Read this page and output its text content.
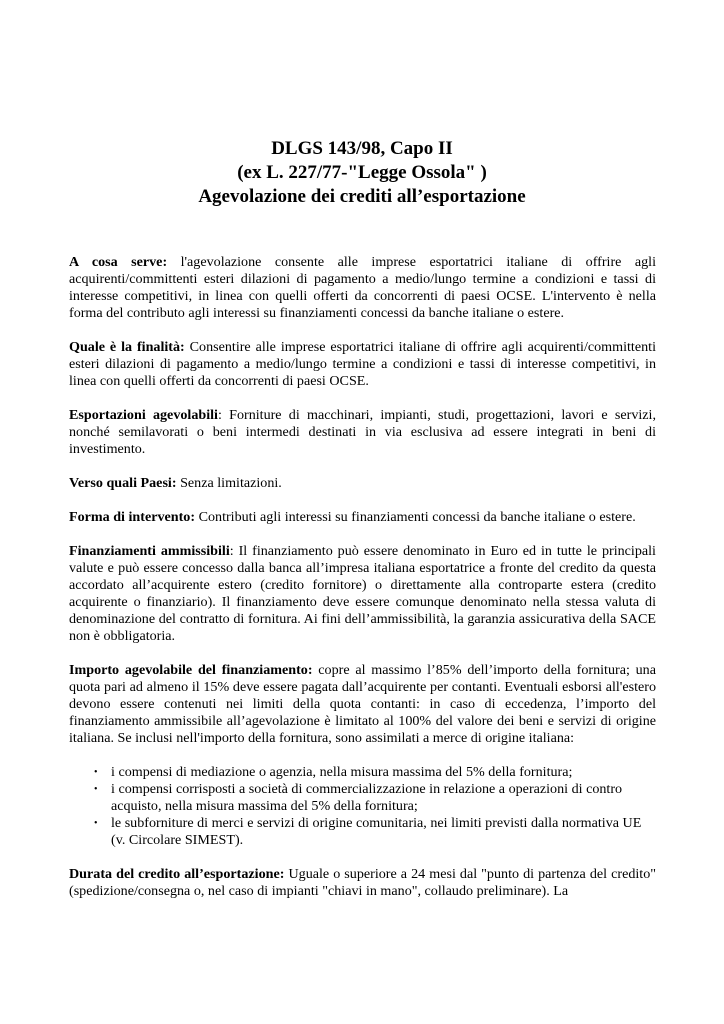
DLGS 143/98, Capo II
(ex L. 227/77-"Legge Ossola" )
Agevolazione dei crediti all’esportazione

A cosa serve: l'agevolazione consente alle imprese esportatrici italiane di offrire agli acquirenti/committenti esteri dilazioni di pagamento a medio/lungo termine a condizioni e tassi di interesse competitivi, in linea con quelli offerti da concorrenti di paesi OCSE. L'intervento è nella forma del contributo agli interessi su finanziamenti concessi da banche italiane o estere.

Quale è la finalità: Consentire alle imprese esportatrici italiane di offrire agli acquirenti/committenti esteri dilazioni di pagamento a medio/lungo termine a condizioni e tassi di interesse competitivi, in linea con quelli offerti da concorrenti di paesi OCSE.

Esportazioni agevolabili: Forniture di macchinari, impianti, studi, progettazioni, lavori e servizi, nonché semilavorati o beni intermedi destinati in via esclusiva ad essere integrati in beni di investimento.

Verso quali Paesi: Senza limitazioni.

Forma di intervento: Contributi agli interessi su finanziamenti concessi da banche italiane o estere.

Finanziamenti ammissibili: Il finanziamento può essere denominato in Euro ed in tutte le principali valute e può essere concesso dalla banca all’impresa italiana esportatrice a fronte del credito da questa accordato all’acquirente estero (credito fornitore) o direttamente alla controparte estera (credito acquirente o finanziario). Il finanziamento deve essere comunque denominato nella stessa valuta di denominazione del contratto di fornitura. Ai fini dell’ammissibilità, la garanzia assicurativa della SACE non è obbligatoria.

Importo agevolabile del finanziamento: copre al massimo l’85% dell’importo della fornitura; una quota pari ad almeno il 15% deve essere pagata dall’acquirente per contanti. Eventuali esborsi all'estero devono essere contenuti nei limiti della quota contanti: in caso di eccedenza, l’importo del finanziamento ammissibile all’agevolazione è limitato al 100% del valore dei beni e servizi di origine italiana. Se inclusi nell'importo della fornitura, sono assimilati a merce di origine italiana:

• i compensi di mediazione o agenzia, nella misura massima del 5% della fornitura;
• i compensi corrisposti a società di commercializzazione in relazione a operazioni di contro acquisto, nella misura massima del 5% della fornitura;
• le subforniture di merci e servizi di origine comunitaria, nei limiti previsti dalla normativa UE (v. Circolare SIMEST).

Durata del credito all’esportazione: Uguale o superiore a 24 mesi dal "punto di partenza del credito" (spedizione/consegna o, nel caso di impianti "chiavi in mano", collaudo preliminare). La
